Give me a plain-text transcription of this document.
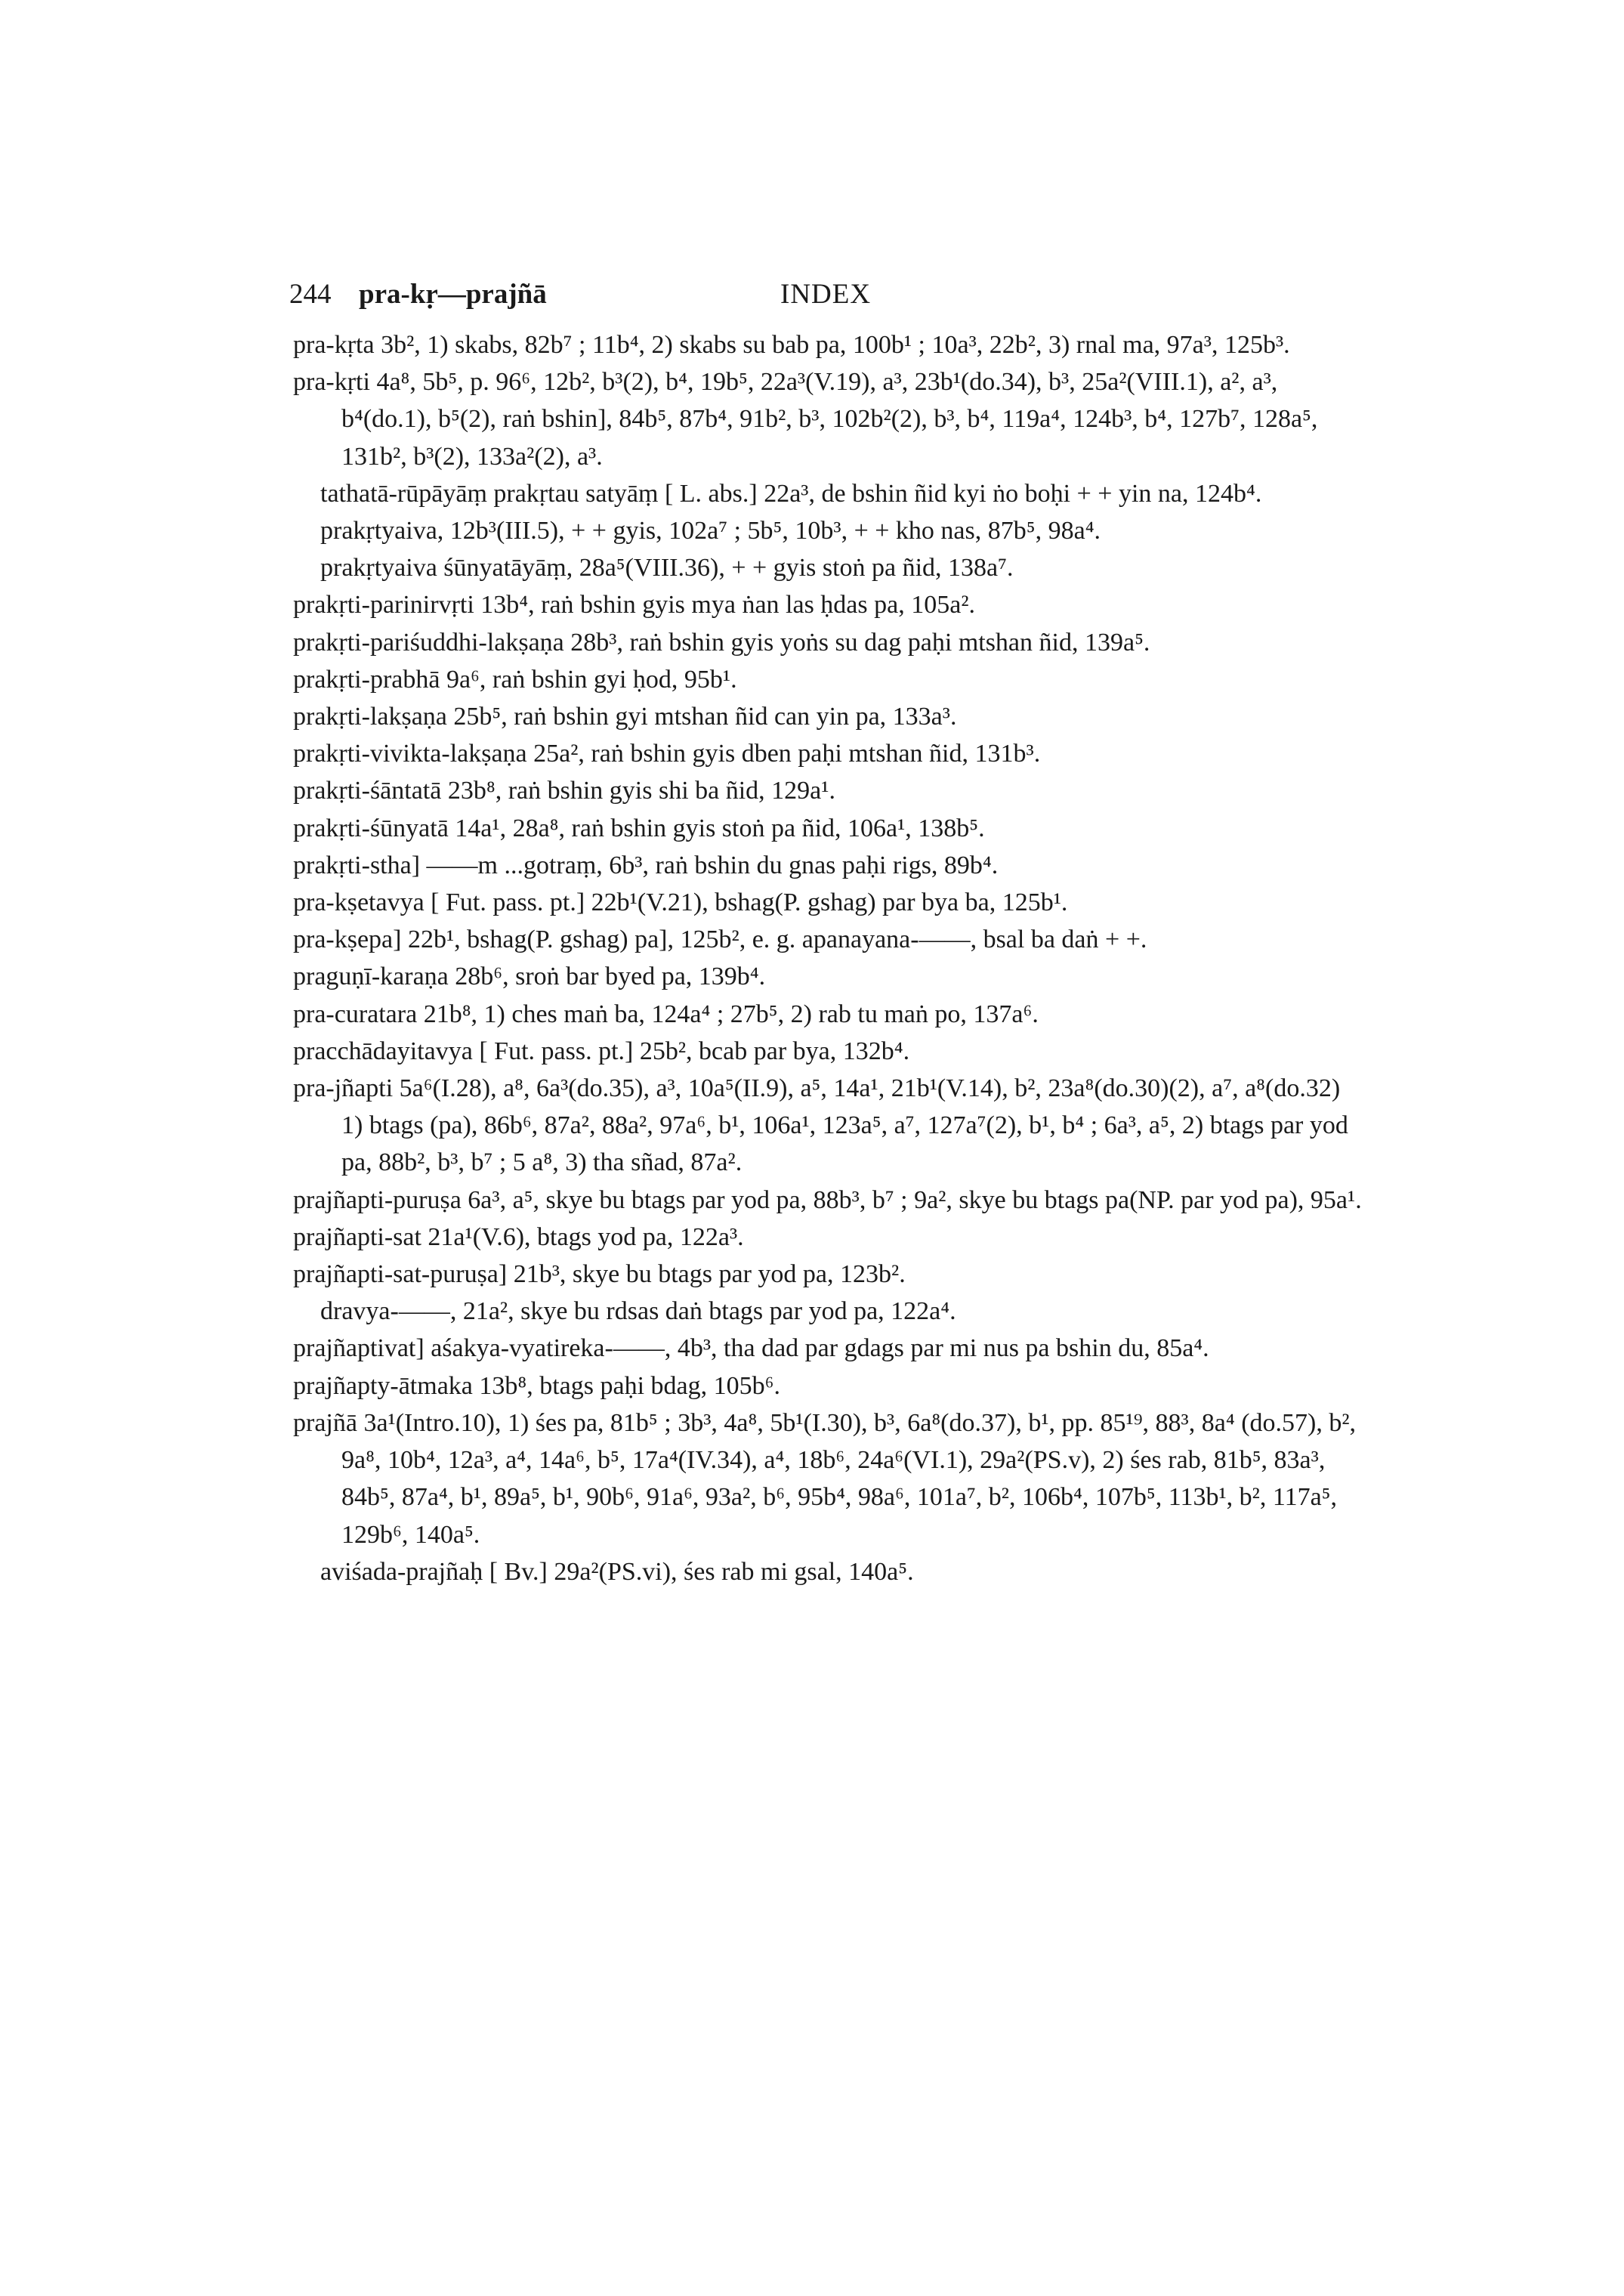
244 pra-kṛ—prajñā	INDEX

pra-kṛta 3b², 1) skabs, 82b⁷ ; 11b⁴, 2) skabs su bab pa, 100b¹ ; 10a³, 22b², 3) rnal ma, 97a³, 125b³.

pra-kṛti 4a⁸, 5b⁵, p. 96⁶, 12b², b³(2), b⁴, 19b⁵, 22a³(V.19), a³, 23b¹(do.34), b³, 25a²(VIII.1), a², a³, b⁴(do.1), b⁵(2), raṅ bshin], 84b⁵, 87b⁴, 91b², b³, 102b²(2), b³, b⁴, 119a⁴, 124b³, b⁴, 127b⁷, 128a⁵, 131b², b³(2), 133a²(2), a³.

tathatā-rūpāyāṃ prakṛtau satyāṃ [ L. abs.] 22a³, de bshin ñid kyi ṅo boḥi + + yin na, 124b⁴.

prakṛtyaiva, 12b³(III.5), + + gyis, 102a⁷ ; 5b⁵, 10b³, + + kho nas, 87b⁵, 98a⁴.

prakṛtyaiva śūnyatāyāṃ, 28a⁵(VIII.36), + + gyis stoṅ pa ñid, 138a⁷.

prakṛti-parinirvṛti 13b⁴, raṅ bshin gyis mya ṅan las ḥdas pa, 105a².

prakṛti-pariśuddhi-lakṣaṇa 28b³, raṅ bshin gyis yoṅs su dag paḥi mtshan ñid, 139a⁵.

prakṛti-prabhā 9a⁶, raṅ bshin gyi ḥod, 95b¹.

prakṛti-lakṣaṇa 25b⁵, raṅ bshin gyi mtshan ñid can yin pa, 133a³.

prakṛti-vivikta-lakṣaṇa 25a², raṅ bshin gyis dben paḥi mtshan ñid, 131b³.

prakṛti-śāntatā 23b⁸, raṅ bshin gyis shi ba ñid, 129a¹.

prakṛti-śūnyatā 14a¹, 28a⁸, raṅ bshin gyis stoṅ pa ñid, 106a¹, 138b⁵.

prakṛti-stha] ——m ...gotraṃ, 6b³, raṅ bshin du gnas paḥi rigs, 89b⁴.

pra-kṣetavya [ Fut. pass. pt.] 22b¹(V.21), bshag(P. gshag) par bya ba, 125b¹.

pra-kṣepa] 22b¹, bshag(P. gshag) pa], 125b², e. g. apanayana-——, bsal ba daṅ + +.

praguṇī-karaṇa 28b⁶, sroṅ bar byed pa, 139b⁴.

pra-curatara 21b⁸, 1) ches maṅ ba, 124a⁴ ; 27b⁵, 2) rab tu maṅ po, 137a⁶.

pracchādayitavya [ Fut. pass. pt.] 25b², bcab par bya, 132b⁴.

pra-jñapti 5a⁶(I.28), a⁸, 6a³(do.35), a³, 10a⁵(II.9), a⁵, 14a¹, 21b¹(V.14), b², 23a⁸(do.30)(2), a⁷, a⁸(do.32) 1) btags (pa), 86b⁶, 87a², 88a², 97a⁶, b¹, 106a¹, 123a⁵, a⁷, 127a⁷(2), b¹, b⁴ ; 6a³, a⁵, 2) btags par yod pa, 88b², b³, b⁷ ; 5 a⁸, 3) tha sñad, 87a².

prajñapti-puruṣa 6a³, a⁵, skye bu btags par yod pa, 88b³, b⁷ ; 9a², skye bu btags pa(NP. par yod pa), 95a¹.

prajñapti-sat 21a¹(V.6), btags yod pa, 122a³.

prajñapti-sat-puruṣa] 21b³, skye bu btags par yod pa, 123b².

dravya-——, 21a², skye bu rdsas daṅ btags par yod pa, 122a⁴.

prajñaptivat] aśakya-vyatireka-——, 4b³, tha dad par gdags par mi nus pa bshin du, 85a⁴.

prajñapty-ātmaka 13b⁸, btags paḥi bdag, 105b⁶.

prajñā 3a¹(Intro.10), 1) śes pa, 81b⁵ ; 3b³, 4a⁸, 5b¹(I.30), b³, 6a⁸(do.37), b¹, pp. 85¹⁹, 88³, 8a⁴ (do.57), b², 9a⁸, 10b⁴, 12a³, a⁴, 14a⁶, b⁵, 17a⁴(IV.34), a⁴, 18b⁶, 24a⁶(VI.1), 29a²(PS.v), 2) śes rab, 81b⁵, 83a³, 84b⁵, 87a⁴, b¹, 89a⁵, b¹, 90b⁶, 91a⁶, 93a², b⁶, 95b⁴, 98a⁶, 101a⁷, b², 106b⁴, 107b⁵, 113b¹, b², 117a⁵, 129b⁶, 140a⁵.

aviśada-prajñaḥ [ Bv.] 29a²(PS.vi), śes rab mi gsal, 140a⁵.
